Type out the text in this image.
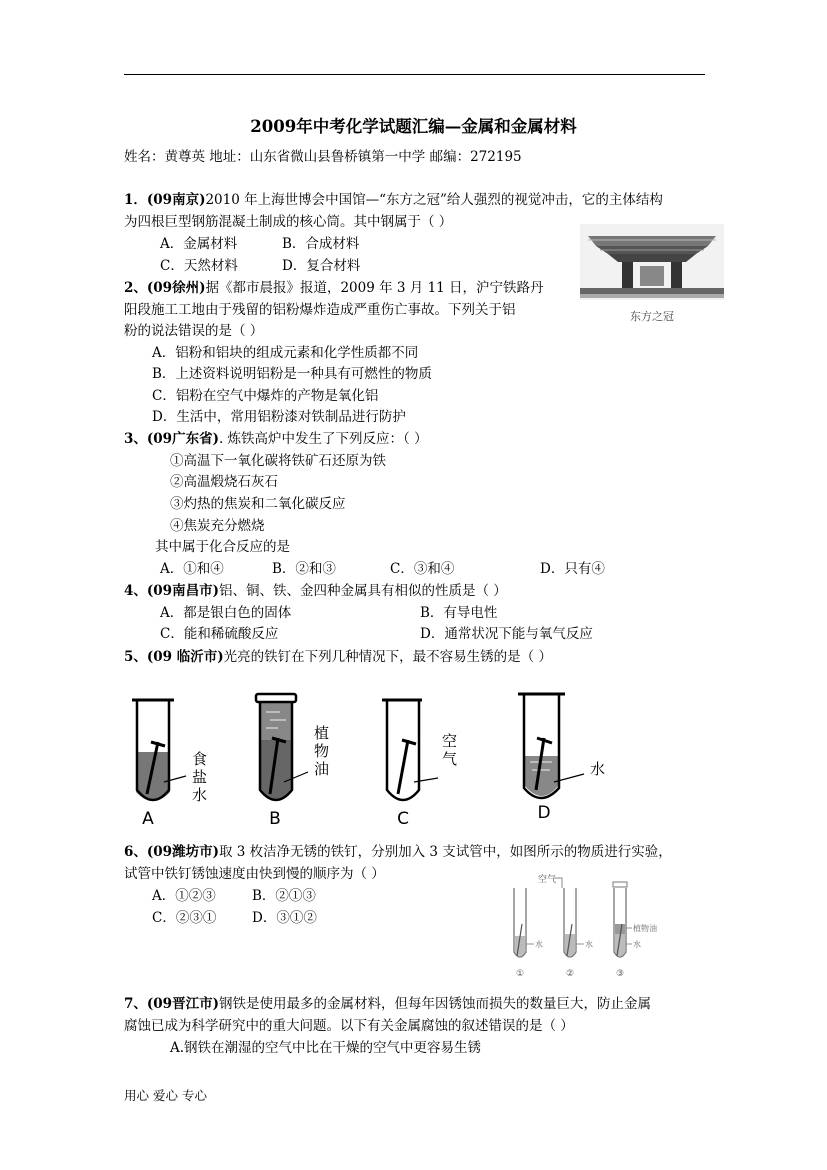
2009年中考化学试题汇编—金属和金属材料
姓名：黄尊英 地址：山东省微山县鲁桥镇第一中学 邮编：272195
1．(09南京)2010 年上海世博会中国馆—“东方之冠”给人强烈的视觉冲击，它的主体结构
为四根巨型钢筋混凝土制成的核心筒。其中钢属于（ ）
A．金属材料	B．合成材料
C．天然材料	D．复合材料
东方之冠
2、(09徐州)据《都市晨报》报道，2009 年 3 月 11 日，沪宁铁路丹
阳段施工工地由于残留的铝粉爆炸造成严重伤亡事故。下列关于铝
粉的说法错误的是（ ）
A．铝粉和铝块的组成元素和化学性质都不同
B．上述资料说明铝粉是一种具有可燃性的物质
C．铝粉在空气中爆炸的产物是氧化铝
D．生活中，常用铝粉漆对铁制品进行防护
3、(09广东省). 炼铁高炉中发生了下列反应：（ ）
①高温下一氧化碳将铁矿石还原为铁
②高温煅烧石灰石
③灼热的焦炭和二氧化碳反应
④焦炭充分燃烧
其中属于化合反应的是
A．①和④	B．②和③	C．③和④	D．只有④
4、(09南昌市)铝、铜、铁、金四种金属具有相似的性质是（ ）
A．都是银白色的固体	B．有导电性
C．能和稀硫酸反应	D．通常状况下能与氧气反应
5、(09 临沂市)光亮的铁钉在下列几种情况下，最不容易生锈的是（ ）
食
盐
水
A
植
物
油
B
空
气
C
水
D
6、(09潍坊市)取 3 枚洁净无锈的铁钉，分别加入 3 支试管中，如图所示的物质进行实验，
试管中铁钉锈蚀速度由快到慢的顺序为（ ）
A．①②③	B．②①③
C．②③①	D．③①②
空气
水
①
水
②
植物油
水
③
7、(09晋江市)钢铁是使用最多的金属材料，但每年因锈蚀而损失的数量巨大，防止金属
腐蚀已成为科学研究中的重大问题。以下有关金属腐蚀的叙述错误的是（ ）
A.钢铁在潮湿的空气中比在干燥的空气中更容易生锈
用心 爱心 专心
